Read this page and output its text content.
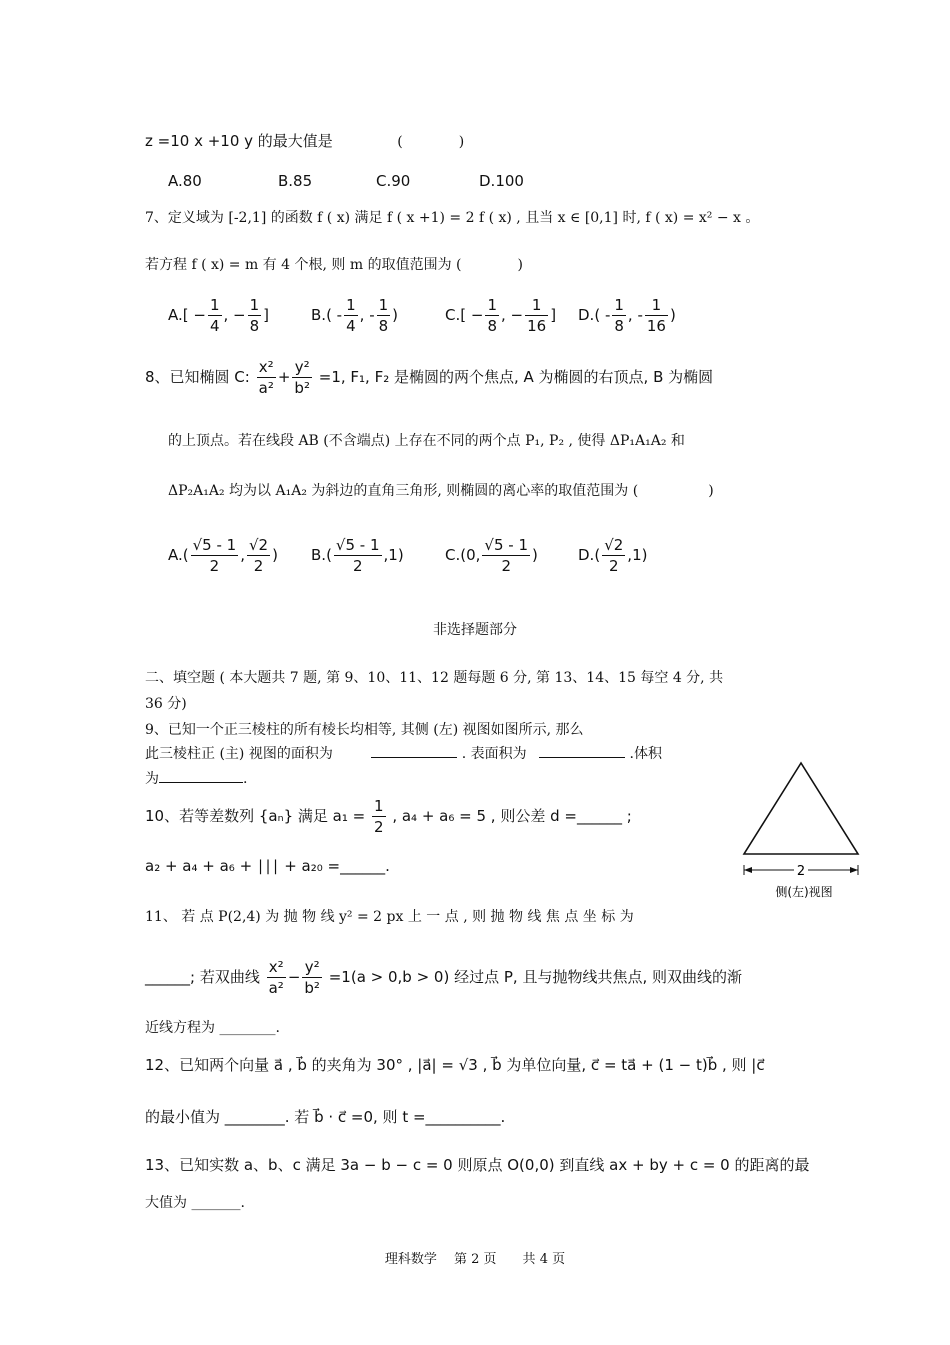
z =10 x +10 y 的最大值是	(　　　　)
A.80	B.85	C.90	D.100
7、定义域为 [-2,1] 的函数 f ( x) 满足 f ( x +1) = 2 f ( x) , 且当 x ∈ [0,1] 时, f ( x) = x² − x 。
若方程 f ( x) = m 有 4 个根, 则 m 的取值范围为 (　　　　)
$A.[ - \frac{1}{4}$ , − $\frac{1}{8}$ ]	$B.( - \frac{1}{4}$ , - $\frac{1}{8}$ )	$C.[ - \frac{1}{8}$ , − $\frac{1}{16}$ ] $D.( - \frac{1}{8}$ , - $\frac{1}{16}$ )
8、已知椭圆 C: $\frac{\text{x²}}{\text{a²}} + \frac{\text{y²}}{\text{b²}} =1$, F₁, F₂ 是椭圆的两个焦点, A 为椭圆的右顶点, B 为椭圆
的上顶点。若在线段 AB (不含端点) 上存在不同的两个点 P₁, P₂ , 使得 ΔP₁A₁A₂ 和
ΔP₂A₁A₂ 均为以 A₁A₂ 为斜边的直角三角形, 则椭圆的离心率的取值范围为 (　　　　　)
$A.( \frac{√5 - 1}{2}$ , $\frac{√2}{2}$ ) $B.( \frac{√5 - 1}{2} ,1)$	C.(0, $\frac{√5 - 1}{2}$ )	$D.( \frac{√2}{2} ,1)$
非选择题部分
二、填空题 ( 本大题共 7 题, 第 9、10、11、12 题每题 6 分, 第 13、14、15 每空 4 分, 共
36 分)
9、已知一个正三棱柱的所有棱长均相等, 其侧 (左) 视图如图所示, 那么
此三棱柱正 (主) 视图的面积为	. 表面积为	.体积
为	.
2
侧(左)视图
10、若等差数列 {aₙ} 满足 $a_1 = \frac{1}{2}$ , a₄ + a₆ = 5 , 则公差 d =______ ;
a₂ + a₄ + a₆ + ∣∣∣ + a₂₀ =______.
11、 若 点 P(2,4) 为 抛 物 线 y² = 2 px 上 一 点 , 则 抛 物 线 焦 点 坐 标 为
______; 若双曲线 $\frac{\text{x²}}{\text{a²}} - \frac{\text{y²}}{\text{b²}} =1(a > 0,b > 0)$ 经过点 P, 且与抛物线共焦点, 则双曲线的渐
近线方程为 ________.
12、已知两个向量 a⃗ , b⃗ 的夹角为 30° , |a⃗| = √3 , b⃗ 为单位向量, c⃗ = ta⃗ + (1 − t)b⃗ , 则 |c⃗
的最小值为 ________. 若 b⃗ · c⃗ =0, 则 t =__________.
13、已知实数 a、b、c 满足 3a − b − c = 0 则原点 O(0,0) 到直线 ax + by + c = 0 的距离的最
大值为 _______.
理科数学　 第 2 页　　共 4 页
